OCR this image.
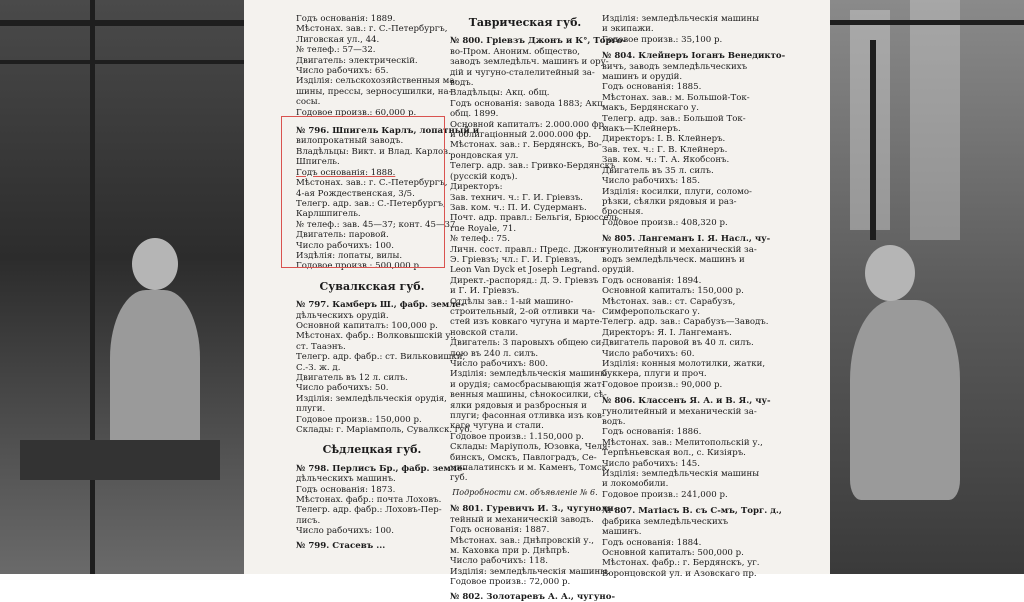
Годъ основанія: 1889.
Мѣстонах. зав.: г. С.-Петербургъ,
Лиговская ул., 44.
№ телеф.: 57—32.
Двигатель: электрическій.
Число рабочихъ: 65.
Изділія: сельскохозяйственныя ма-
шины, прессы, зерносушилки, на-
сосы.
Годовое произв.: 60,000 р.
№ 796. Шпигель Карлъ, лопатный и
вилопрокатный заводъ.
Владѣльцы: Викт. и Влад. Карлов.
Шпигель.
Годъ основанія: 1888.
Мѣстонах. зав.: г. С.-Петербургъ,
4-ая Рождественская, 3/5.
Телегр. адр. зав.: С.-Петербургъ,
Карлшпигель.
№ телеф.: зав. 45—37; конт. 45—37.
Двигатель: паровой.
Число рабочихъ: 100.
Издѣлія: лопаты, вилы.
Годовое произв.: 500,000 р.
Сувалкская губ.
№ 797. Камберъ Ш., фабр. земле-
дѣльческихъ орудій.
Основной капиталъ: 100,000 р.
Мѣстонах. фабр.: Волковышскій у.,
ст. Тааэнъ.
Телегр. адр. фабр.: ст. Вильковишки,
С.-З. ж. д.
Двигатель въ 12 л. силъ.
Число рабочихъ: 50.
Изділія: земледѣльческія орудія,
плуги.
Годовое произв.: 150,000 р.
Склады: г. Маріамполь, Сувалкск. губ.
Сѣдлецкая губ.
№ 798. Перлисъ Бр., фабр. земле-
дѣльческихъ машинъ.
Годъ основанія: 1873.
Мѣстонах. фабр.: почта Лоховъ.
Телегр. адр. фабр.: Лоховъ-Пер-
лисъ.
Число рабочихъ: 100.
№ 799. Стасевъ ...
Таврическая губ.
№ 800. Гріевзъ Джонъ и К°, Торго-
во-Пром. Аноним. общество,
заводъ земледѣльч. машинъ и ору-
дій и чугуно-сталелитейный за-
водъ.
Владѣльцы: Акц. общ.
Годъ основанія: завода 1883; Акц.
общ. 1899.
Основной капиталъ: 2.000.000 фр.
и облигаціонный 2.000.000 фр.
Мѣстонах. зав.: г. Бердянскъ, Во-
рондовская ул.
Телегр. адр. зав.: Гривко-Бердянскъ
(русскій кодъ).
Директоръ:
Зав. технич. ч.: Г. И. Гріевзъ.
Зав. ком. ч.: П. И. Судерманъ.
Почт. адр. правл.: Бельгія, Брюссель,
rue Royale, 71.
№ телеф.: 75.
Личн. сост. правл.: Предс. Джонъ
Э. Гріевзъ; чл.: Г. И. Гріевзъ,
Leon Van Dyck et Joseph Legrand.
Директ.-распоряд.: Д. Э. Гріевзъ
и Г. И. Гріевзъ.
Отдѣлы зав.: 1-ый машино-
строительный, 2-ой отливки ча-
стей изъ ковкаго чугуна и марте-
новской стали.
Двигатель: 3 паровыхъ общею си-
лою въ 240 л. силъ.
Число рабочихъ: 800.
Изділія: земледѣльческія машины
и орудія; самосбрасывающія жат-
венныя машины, сѣнокосилки, сѣ-
ялки рядовыя и разбросныя и
плуги; фасонная отливка изъ ков-
каго чугуна и стали.
Годовое произв.: 1.150,000 р.
Склады: Маріуполь, Юзовка, Челя-
бинскъ, Омскъ, Павлоградъ, Се-
мипалатинскъ и м. Каменъ, Томск.
губ.
Подробности см. объявленіе № 6.
№ 801. Гуревичъ И. З., чугуноли-
тейный и механическій заводъ.
Годъ основанія: 1887.
Мѣстонах. зав.: Днѣпровскій у.,
м. Каховка при р. Днѣпрѣ.
Число рабочихъ: 118.
Изділія: земледѣльческія машины.
Годовое произв.: 72,000 р.
№ 802. Золотаревъ А. А., чугуно-
Изділія: земледѣльческія машины
и экипажи.
Годовое произв.: 35,100 р.
№ 804. Клейнеръ Іоганъ Венедикто-
вичъ, заводъ земледѣльческихъ
машинъ и орудій.
Годъ основанія: 1885.
Мѣстонах. зав.: м. Большой-Ток-
макъ, Бердянскаго у.
Телегр. адр. зав.: Большой Ток-
макъ—Клейнеръ.
Директоръ: І. В. Клейнеръ.
Зав. тех. ч.: Г. В. Клейнеръ.
Зав. ком. ч.: Т. А. Якобсонъ.
Двигатель въ 35 л. силъ.
Число рабочихъ: 185.
Изділія: косилки, плуги, соломо-
рѣзки, сѣялки рядовыя и раз-
бросныя.
Годовое произв.: 408,320 р.
№ 805. Лангеманъ І. Я. Насл., чу-
гунолитейный и механическій за-
водъ земледѣльческ. машинъ и
орудій.
Годъ основанія: 1894.
Основной капиталъ: 150,000 р.
Мѣстонах. зав.: ст. Сарабузъ,
Симферопольскаго у.
Телегр. адр. зав.: Сарабузъ—Заводъ.
Директоръ: Я. І. Лангеманъ.
Двигатель паровой въ 40 л. силъ.
Число рабочихъ: 60.
Изділія: конныя молотилки, жатки,
буккера, плуги и проч.
Годовое произв.: 90,000 р.
№ 806. Классенъ Я. А. и В. Я., чу-
гунолитейный и механическій за-
водъ.
Годъ основанія: 1886.
Мѣстонах. зав.: Мелитопольскій у.,
Терпѣньевская вол., с. Кизіяръ.
Число рабочихъ: 145.
Изділія: земледѣльческія машины
и локомобили.
Годовое произв.: 241,000 р.
№ 807. Матіасъ В. съ С-мъ, Торг. д.,
фабрика земледѣльческихъ
машинъ.
Годъ основанія: 1884.
Основной капиталъ: 500,000 р.
Мѣстонах. фабр.: г. Бердянскъ, уг.
Воронцовской ул. и Азовскаго пр.
